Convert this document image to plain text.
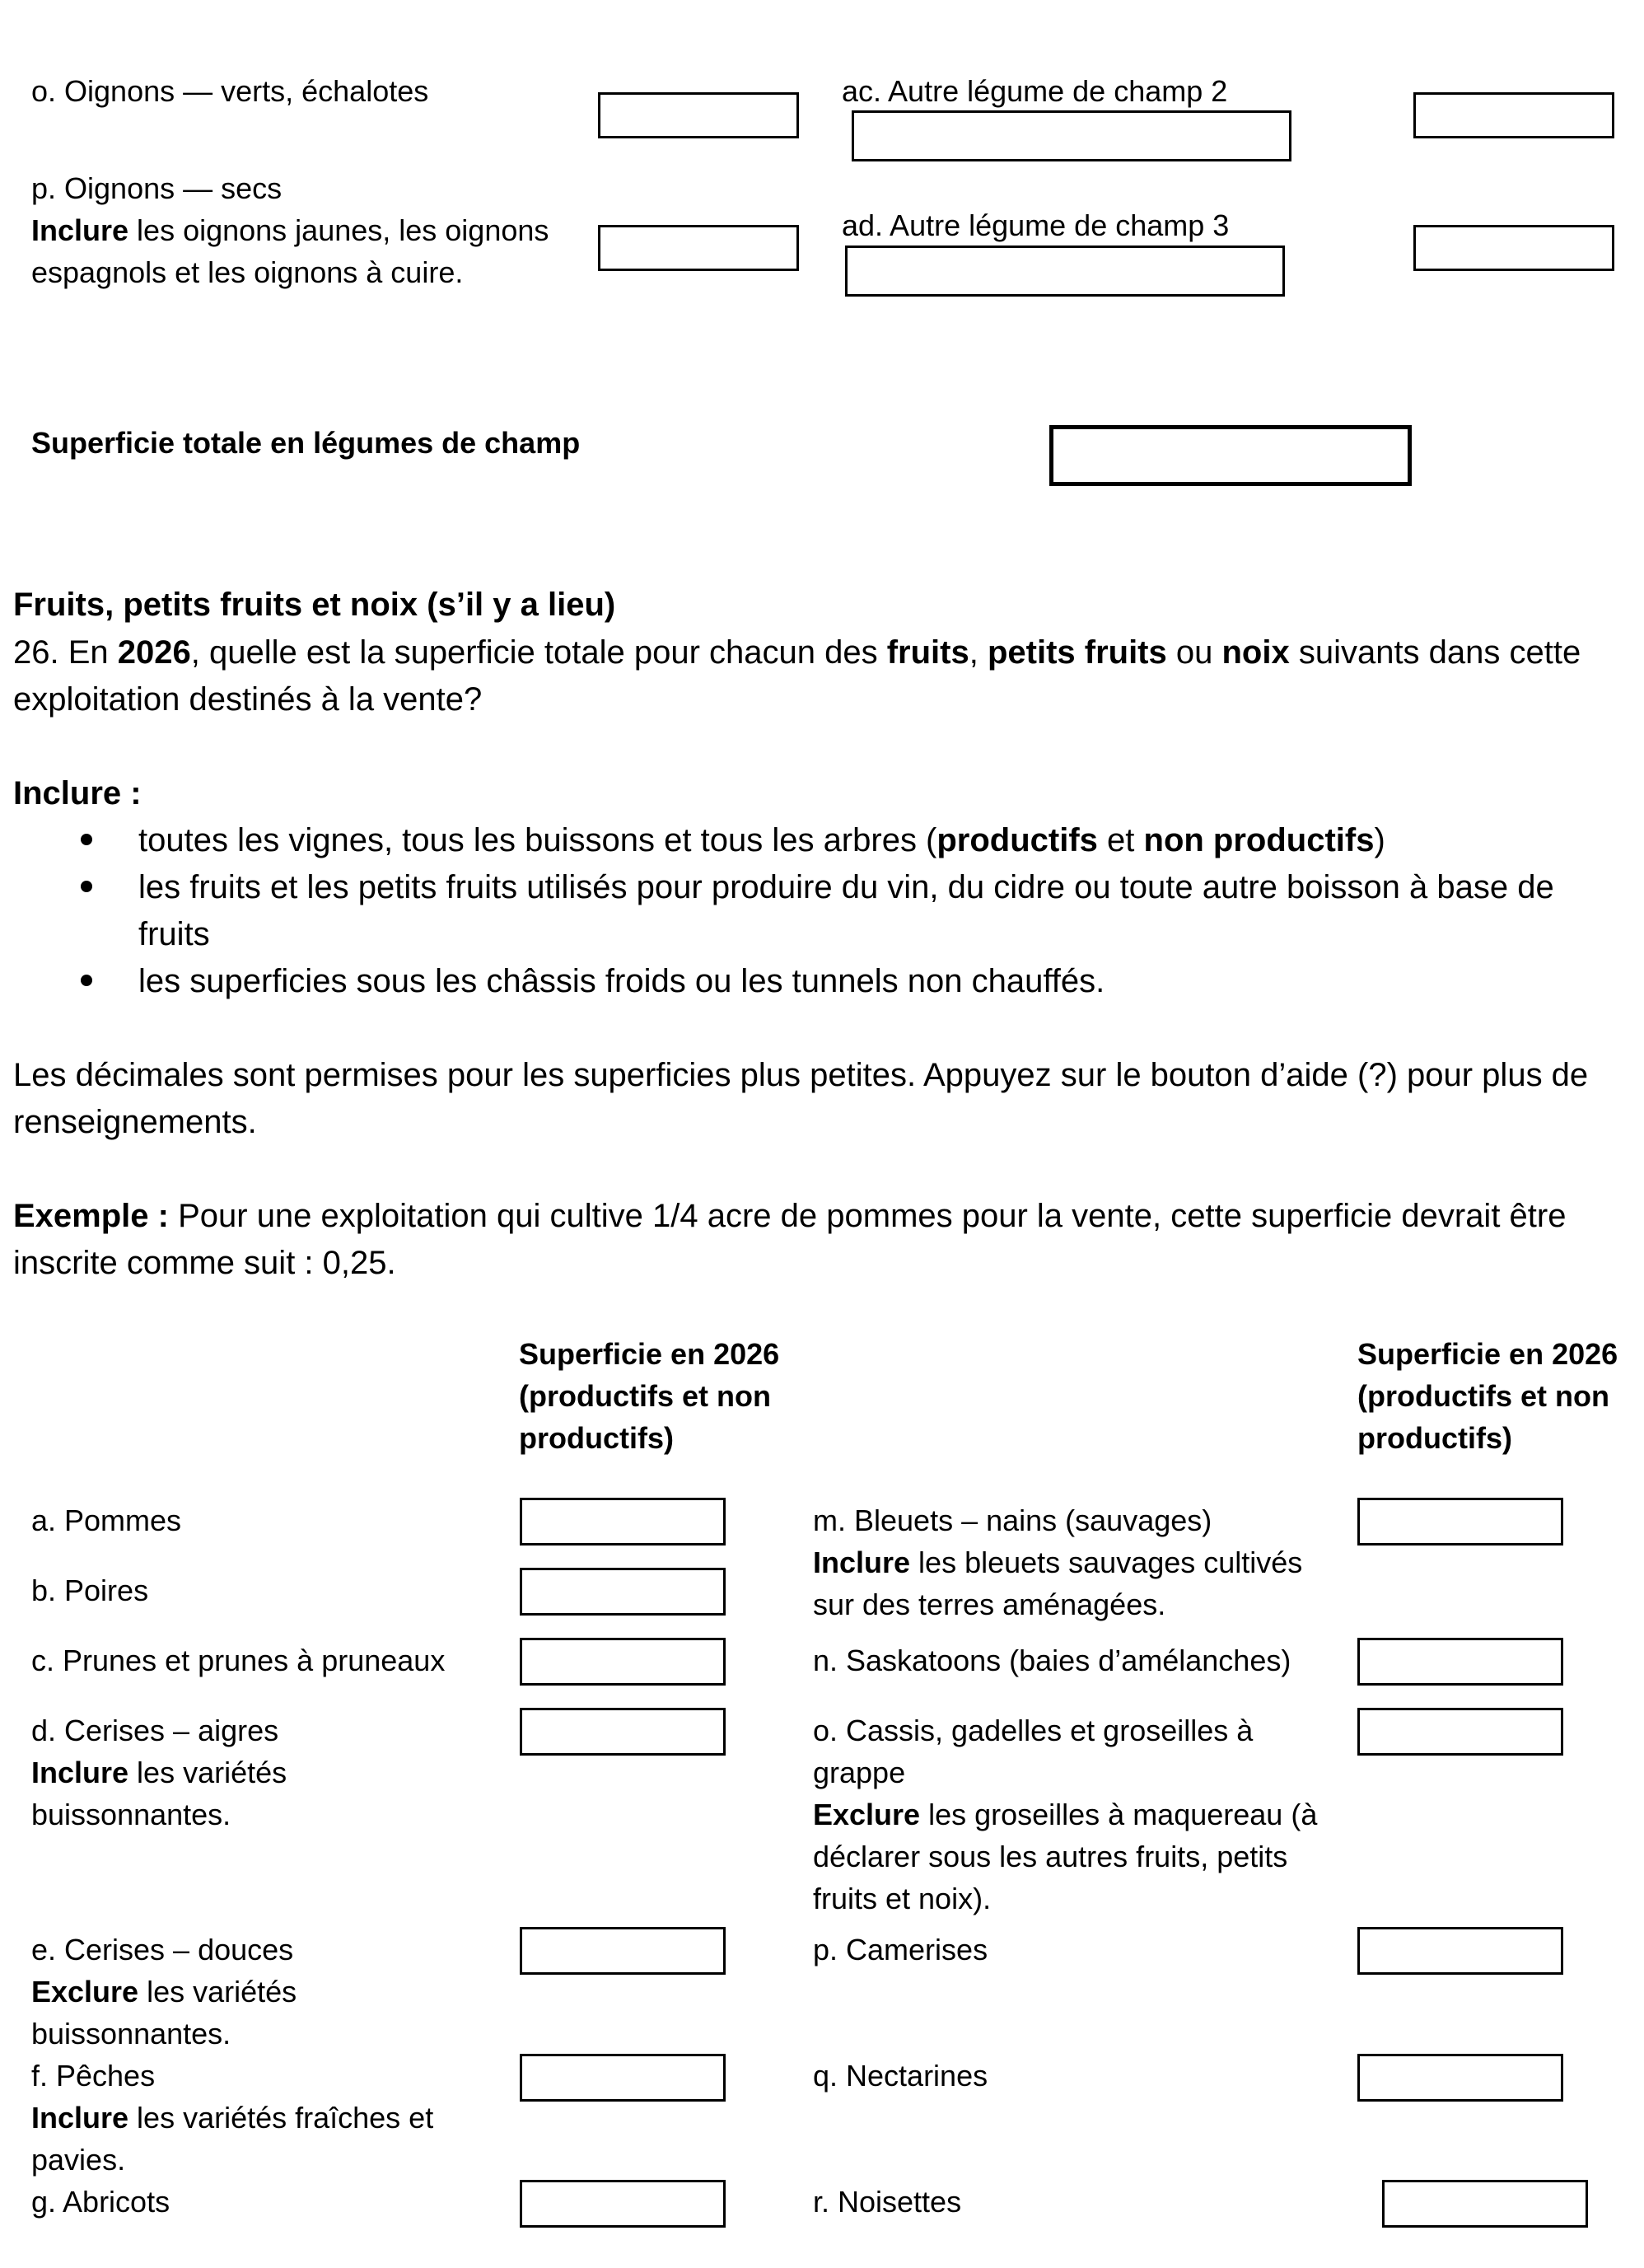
o. Oignons — verts, échalotes	ac. Autre légume de champ 2
p. Oignons — secs
Inclure les oignons jaunes, les oignons espagnols et les oignons à cuire.
ad. Autre légume de champ 3
Superficie totale en légumes de champ
Fruits, petits fruits et noix (s’il y a lieu)
26. En 2026, quelle est la superficie totale pour chacun des fruits, petits fruits ou noix suivants dans cette exploitation destinés à la vente?
Inclure :
toutes les vignes, tous les buissons et tous les arbres (productifs et non productifs)
les fruits et les petits fruits utilisés pour produire du vin, du cidre ou toute autre boisson à base de fruits
les superficies sous les châssis froids ou les tunnels non chauffés.
Les décimales sont permises pour les superficies plus petites. Appuyez sur le bouton d’aide (?) pour plus de renseignements.
Exemple : Pour une exploitation qui cultive 1/4 acre de pommes pour la vente, cette superficie devrait être inscrite comme suit : 0,25.
Superficie en 2026 (productifs et non productifs)
Superficie en 2026 (productifs et non productifs)
a. Pommes
b. Poires
c. Prunes et prunes à pruneaux
d. Cerises – aigres
Inclure les variétés buissonnantes.
e. Cerises – douces
Exclure les variétés buissonnantes.
f. Pêches
Inclure les variétés fraîches et pavies.
g. Abricots
m. Bleuets – nains (sauvages)
Inclure les bleuets sauvages cultivés sur des terres aménagées.
n. Saskatoons (baies d’amélanches)
o. Cassis, gadelles et groseilles à grappe
Exclure les groseilles à maquereau (à déclarer sous les autres fruits, petits fruits et noix).
p. Camerises
q. Nectarines
r. Noisettes
